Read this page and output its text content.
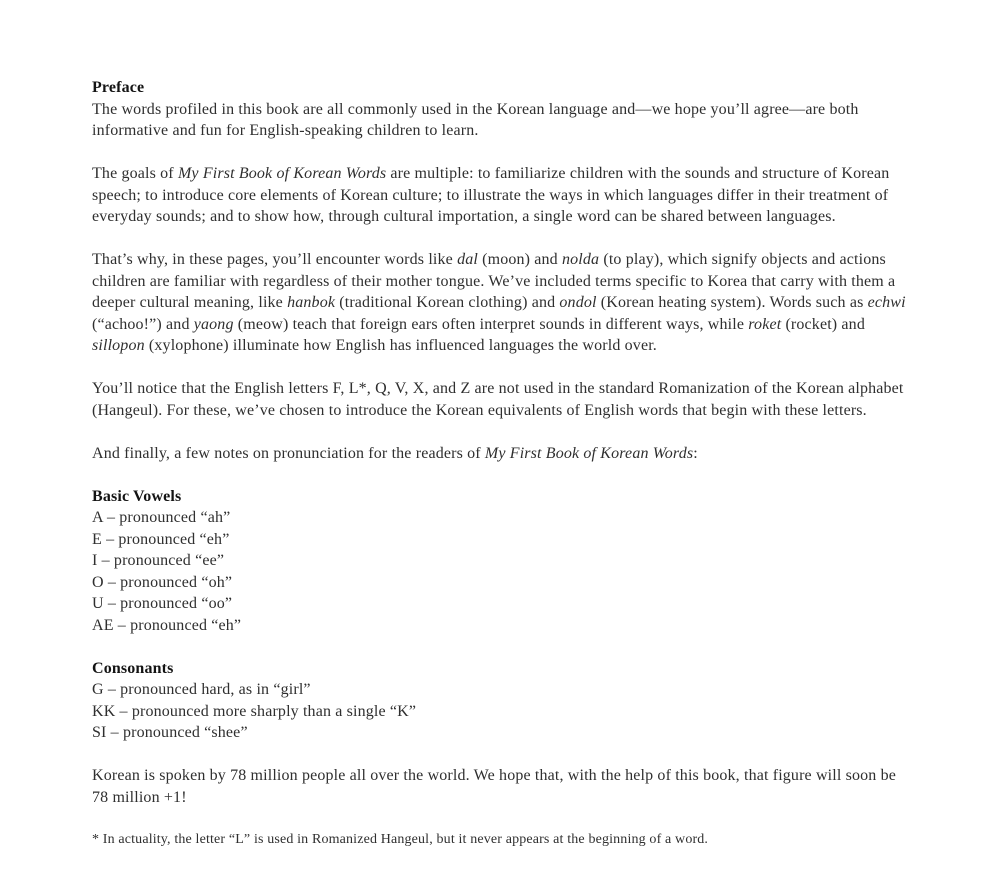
Preface

The words profiled in this book are all commonly used in the Korean language and—we hope you’ll agree—are both informative and fun for English-speaking children to learn.

The goals of My First Book of Korean Words are multiple: to familiarize children with the sounds and structure of Korean speech; to introduce core elements of Korean culture; to illustrate the ways in which languages differ in their treatment of everyday sounds; and to show how, through cultural importation, a single word can be shared between languages.

That’s why, in these pages, you’ll encounter words like dal (moon) and nolda (to play), which signify objects and actions children are familiar with regardless of their mother tongue. We’ve included terms specific to Korea that carry with them a deeper cultural meaning, like hanbok (traditional Korean clothing) and ondol (Korean heating system). Words such as echwi (“achoo!”) and yaong (meow) teach that foreign ears often interpret sounds in different ways, while roket (rocket) and sillopon (xylophone) illuminate how English has influenced languages the world over.

You’ll notice that the English letters F, L*, Q, V, X, and Z are not used in the standard Romanization of the Korean alphabet (Hangeul). For these, we’ve chosen to introduce the Korean equivalents of English words that begin with these letters.

And finally, a few notes on pronunciation for the readers of My First Book of Korean Words:

Basic Vowels

A – pronounced “ah”

E – pronounced “eh”

I – pronounced “ee”

O – pronounced “oh”

U – pronounced “oo”

AE – pronounced “eh”

Consonants

G – pronounced hard, as in “girl”

KK – pronounced more sharply than a single “K”

SI – pronounced “shee”

Korean is spoken by 78 million people all over the world. We hope that, with the help of this book, that figure will soon be 78 million +1!

* In actuality, the letter “L” is used in Romanized Hangeul, but it never appears at the beginning of a word.
